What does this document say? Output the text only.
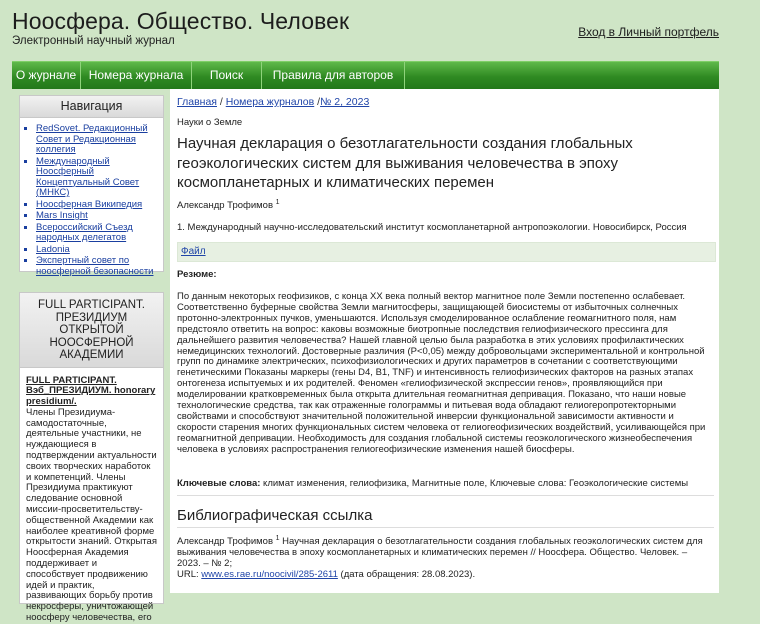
Ноосфера. Общество. Человек
Электронный научный журнал
Вход в Личный портфель
О журнале	Номера журнала	Поиск	Правила для авторов
Навигация
▪ RedSovet. Редакционный Совет и Редакционная коллегия
▪ Международный Ноосферный Концептуальный Совет (МНКС)
▪ Ноосферная Википедия
▪ Mars Insight
▪ Всероссийский Съезд народных делегатов
▪ Ladonia
▪ Экспертный совет по ноосферной безопасности
FULL PARTICIPANT. ПРЕЗИДИУМ ОТКРЫТОЙ НООСФЕРНОЙ АКАДЕМИИ
FULL PARTICIPANT. Вэб_ПРЕЗИДИУМ. honorary presidium/.
Члены Президиума-самодостаточные, деятельные участники, не нуждающиеся в подтверждении актуальности своих творческих наработок и компетенций. Члены Президиума практикуют следование основной миссии-просветительству-общественной Академии как наиболее креативной форме открытости знаний. Открытая Ноосферная Академия поддерживает и способствует продвижению идей и практик, развивающих борьбу против некросферы, уничтожающей ноосферу человечества, его
Главная / Номера журналов /№ 2, 2023
Науки о Земле
Научная декларация о безотлагательности создания глобальных геоэкологических систем для выживания человечества в эпоху космопланетарных и климатических перемен
Александр Трофимов $^1$
1. Международный научно-исследовательский институт космопланетарной антропоэкологии. Новосибирск, Россия
Файл
Резюме:
По данным некоторых геофизиков, с конца XX века полный вектор магнитное поле Земли постепенно ослабевает. Соответственно буферные свойства Земли магнитосферы, защищающей биосистемы от избыточных солнечных протонно-электронных пучков, уменьшаются. Используя смоделированное ослабление геомагнитного поля, нам предстояло ответить на вопрос: каковы возможные биотропные последствия гелиофизического прессинга для дальнейшего развития человечества? Нашей главной целью была разработка в этих условиях профилактических немедицинских технологий. Достоверные различия (P<0,05) между добровольцами экспериментальной и контрольной групп по динамике электрических, психофизиологических и других параметров в сочетании с соответствующими генетическими Показаны маркеры (гены D4, B1, TNF) и интенсивность гелиофизических факторов на разных этапах онтогенеза испытуемых и их родителей. Феномен «гелиофизической экспрессии генов», проявляющийся при моделировании кратковременных была открыта длительная геомагнитная депривация. Показано, что наши новые технологические средства, так как отраженные голограммы и питьевая вода обладают гелиогеропротекторными свойствами и способствуют значительной положительной инверсии функциональной зависимости активности и скорости старения многих функциональных систем человека от гелиогеофизических воздействий, усиливающейся при геомагнитной депривации. Необходимость для создания глобальной системы геоэкологического жизнеобеспечения человека в условиях распространения гелиогеофизические изменения нашей биосферы.
Ключевые слова: климат изменения, гелиофизика, Магнитные поле, Ключевые слова: Геоэкологические системы
Библиографическая ссылка
Александр Трофимов $^1$ Научная декларация о безотлагательности создания глобальных геоэкологических систем для выживания человечества в эпоху космопланетарных и климатических перемен // Ноосфера. Общество. Человек. – 2023. – № 2;
URL: www.es.rae.ru/noocivil/285-2611 (дата обращения: 28.08.2023).
